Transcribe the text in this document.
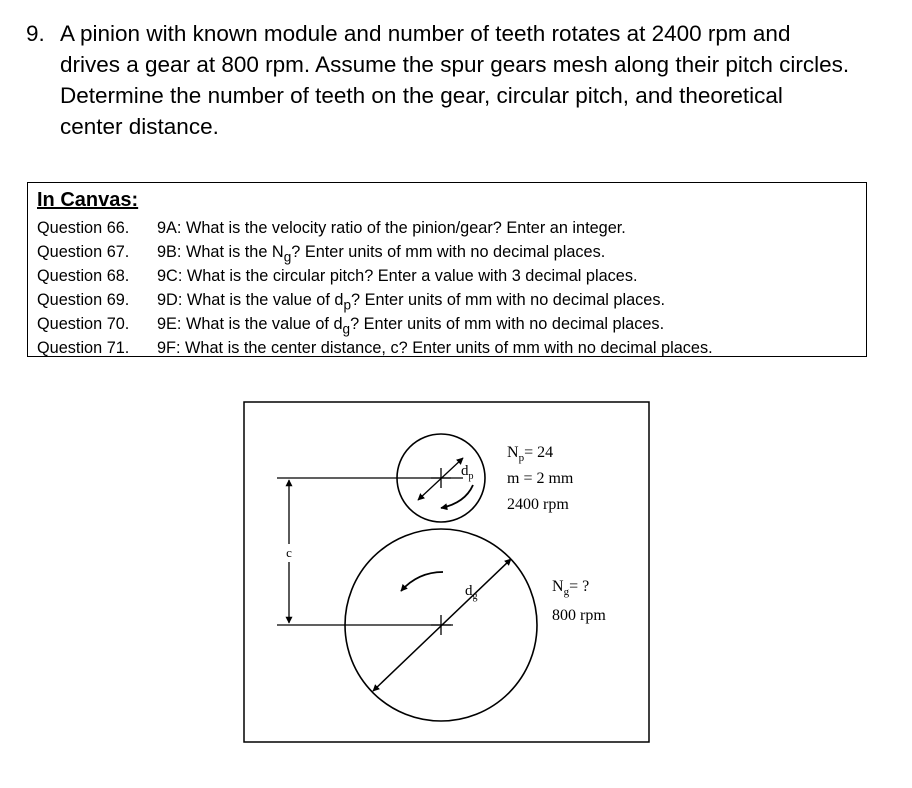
9. A pinion with known module and number of teeth rotates at 2400 rpm and
drives a gear at 800 rpm. Assume the spur gears mesh along their pitch circles.
Determine the number of teeth on the gear, circular pitch, and theoretical
center distance.
In Canvas:
Question 66. 9A: What is the velocity ratio of the pinion/gear? Enter an integer.
Question 67. 9B: What is the $N_g$? Enter units of mm with no decimal places.
Question 68. 9C: What is the circular pitch? Enter a value with 3 decimal places.
Question 69. 9D: What is the value of $d_p$? Enter units of mm with no decimal places.
Question 70. 9E: What is the value of $d_g$? Enter units of mm with no decimal places.
Question 71. 9F: What is the center distance, c? Enter units of mm with no decimal places.
c
$d_p$
$d_g$
$N_p= 24$
m = 2 mm
2400 rpm
$N_g=$ ?
800 rpm
